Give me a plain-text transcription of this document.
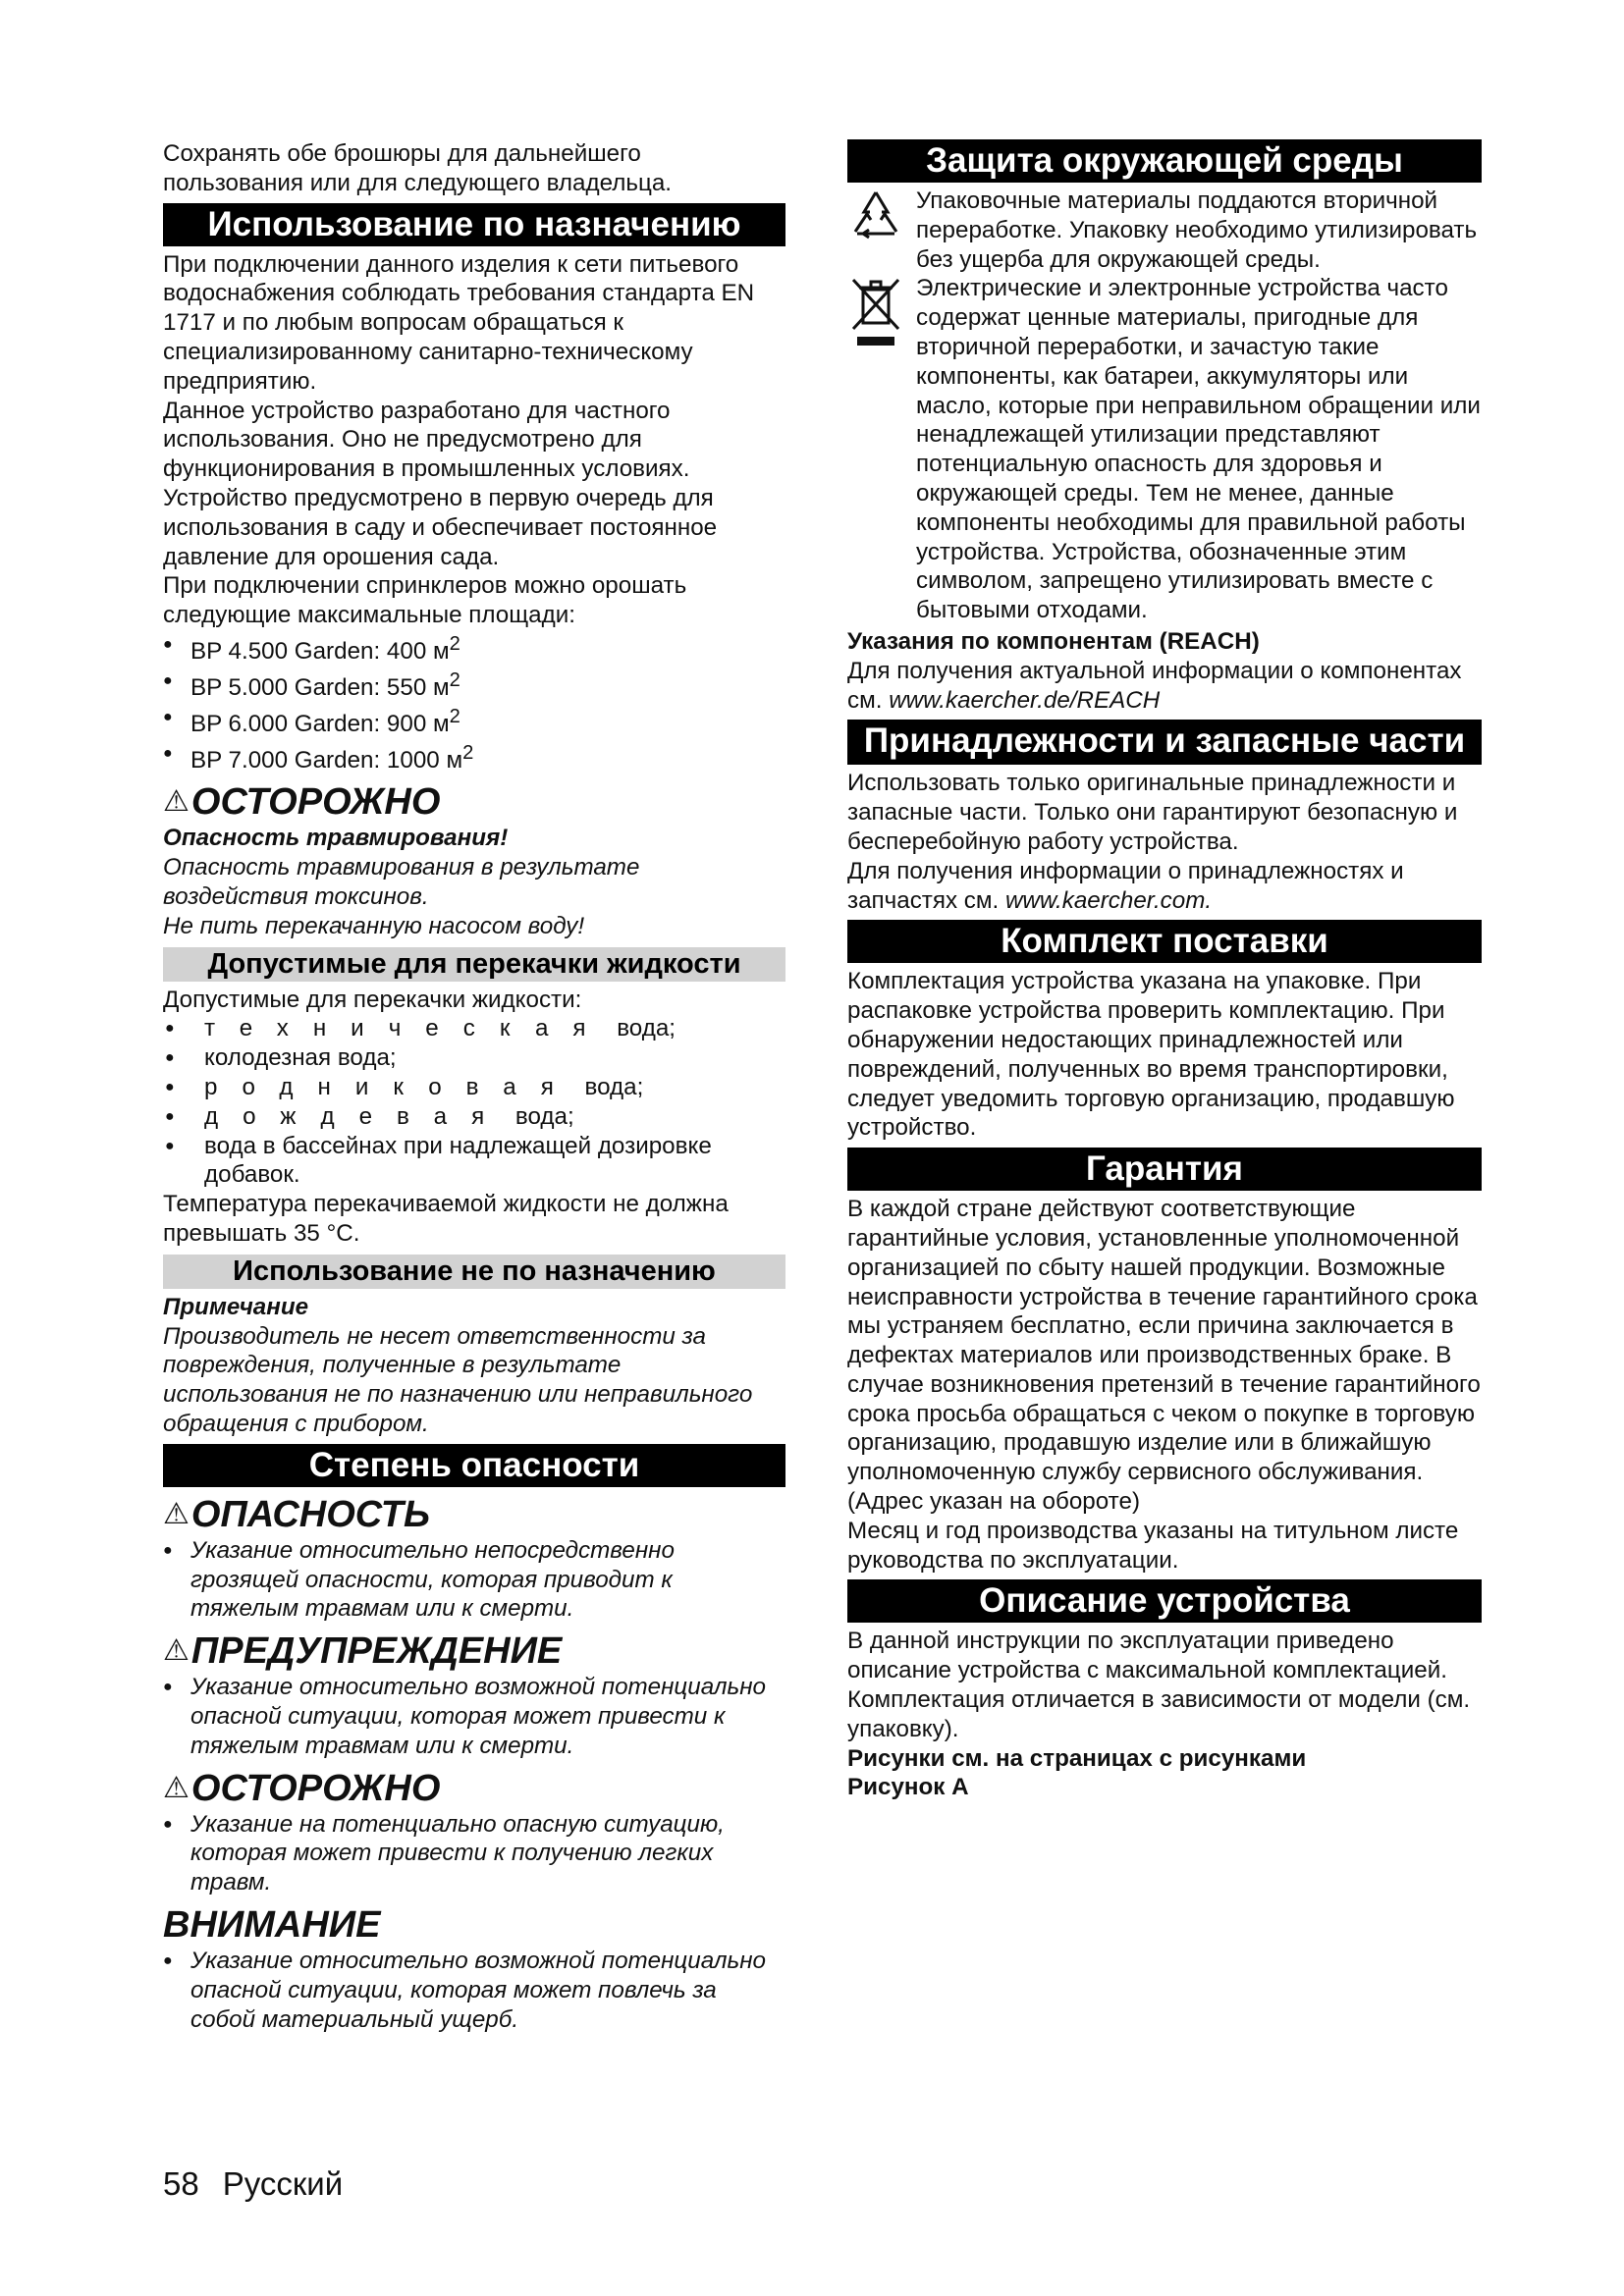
Сохранять обе брошюры для дальнейшего пользования или для следующего владельца.

Использование по назначению

При подключении данного изделия к сети питьевого водоснабжения соблюдать требования стандарта EN 1717 и по любым вопросам обращаться к специализированному санитарно-техническому предприятию.

Данное устройство разработано для частного использования. Оно не предусмотрено для функционирования в промышленных условиях.

Устройство предусмотрено в первую очередь для использования в саду и обеспечивает постоянное давление для орошения сада.

При подключении спринклеров можно орошать следующие максимальные площади:

● BP 4.500 Garden: 400 $м^2$
● BP 5.000 Garden: 550 $м^2$
● BP 6.000 Garden: 900 $м^2$
● BP 7.000 Garden: 1000 $м^2$
⚠ОСТОРОЖНО

Опасность травмирования!

Опасность травмирования в результате воздействия токсинов.

Не пить перекачанную насосом воду!

Допустимые для перекачки жидкости

Допустимые для перекачки жидкости:

● техническая вода;
● колодезная вода;
● родниковая вода;
● дождевая вода;
● вода в бассейнах при надлежащей дозировке добавок.

Температура перекачиваемой жидкости не должна превышать 35 °C.

Использование не по назначению

Примечание

Производитель не несет ответственности за повреждения, полученные в результате использования не по назначению или неправильного обращения с прибором.

Степень опасности
⚠ОПАСНОСТЬ
● Указание относительно непосредственно грозящей опасности, которая приводит к тяжелым травмам или к смерти.
⚠ПРЕДУПРЕЖДЕНИЕ
● Указание относительно возможной потенциально опасной ситуации, которая может привести к тяжелым травмам или к смерти.
⚠ОСТОРОЖНО
● Указание на потенциально опасную ситуацию, которая может привести к получению легких травм.
ВНИМАНИЕ
● Указание относительно возможной потенциально опасной ситуации, которая может повлечь за собой материальный ущерб.
Защита окружающей среды

Упаковочные материалы поддаются вторичной переработке. Упаковку необходимо утилизировать без ущерба для окружающей среды.

Электрические и электронные устройства часто содержат ценные материалы, пригодные для вторичной переработки, и зачастую такие компоненты, как батареи, аккумуляторы или масло, которые при неправильном обращении или ненадлежащей утилизации представляют потенциальную опасность для здоровья и окружающей среды. Тем не менее, данные компоненты необходимы для правильной работы устройства. Устройства, обозначенные этим символом, запрещено утилизировать вместе с бытовыми отходами.

Указания по компонентам (REACH)

Для получения актуальной информации о компонентах см. www.kaercher.de/REACH

Принадлежности и запасные части

Использовать только оригинальные принадлежности и запасные части. Только они гарантируют безопасную и бесперебойную работу устройства.

Для получения информации о принадлежностях и запчастях см. www.kaercher.com.

Комплект поставки

Комплектация устройства указана на упаковке. При распаковке устройства проверить комплектацию. При обнаружении недостающих принадлежностей или повреждений, полученных во время транспортировки, следует уведомить торговую организацию, продавшую устройство.

Гарантия

В каждой стране действуют соответствующие гарантийные условия, установленные уполномоченной организацией по сбыту нашей продукции. Возможные неисправности устройства в течение гарантийного срока мы устраняем бесплатно, если причина заключается в дефектах материалов или производственных браке. В случае возникновения претензий в течение гарантийного срока просьба обращаться с чеком о покупке в торговую организацию, продавшую изделие или в ближайшую уполномоченную службу сервисного обслуживания.

(Адрес указан на обороте)

Месяц и год производства указаны на титульном листе руководства по эксплуатации.

Описание устройства

В данной инструкции по эксплуатации приведено описание устройства с максимальной комплектацией. Комплектация отличается в зависимости от модели (см. упаковку).

Рисунки см. на страницах с рисунками

Рисунок A

58 Русский
